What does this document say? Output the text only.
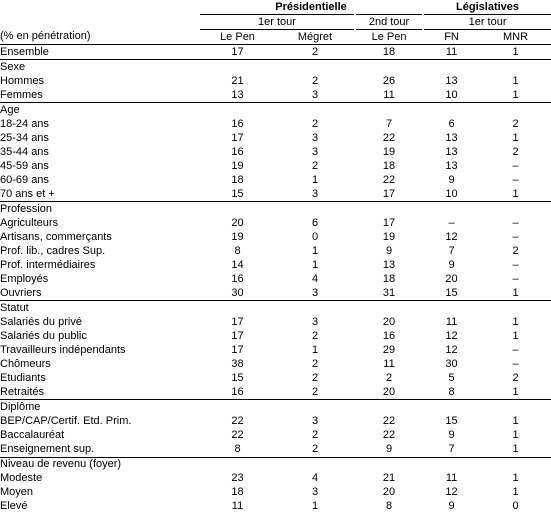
	Présidentielle			Législatives	
	1er tour		2nd tour	1er tour	
(% en pénétration)	Le Pen	Mégret	Le Pen	FN	MNR
Ensemble	17	2	18	11	1
Sexe					
Hommes	21	2	26	13	1
Femmes	13	3	11	10	1
Age					
18-24 ans	16	2	7	6	2
25-34 ans	17	3	22	13	1
35-44 ans	16	3	19	13	2
45-59 ans	19	2	18	13	–
60-69 ans	18	1	22	9	–
70 ans et +	15	3	17	10	1
Profession					
Agriculteurs	20	6	17	–	–
Artisans, commerçants	19	0	19	12	–
Prof. lib., cadres Sup.	8	1	9	7	2
Prof. intermédiaires	14	1	13	9	–
Employés	16	4	18	20	–
Ouvriers	30	3	31	15	1
Statut					
Salariés du privé	17	3	20	11	1
Salariés du public	17	2	16	12	1
Travailleurs indépendants	17	1	29	12	–
Chômeurs	38	2	11	30	–
Etudiants	15	2	2	5	2
Retraités	16	2	20	8	1
Diplôme					
BEP/CAP/Certif. Etd. Prim.	22	3	22	15	1
Baccalauréat	22	2	22	9	1
Enseignement sup.	8	2	9	7	1
Niveau de revenu (foyer)					
Modeste	23	4	21	11	1
Moyen	18	3	20	12	1
Elevé	11	1	8	9	0
